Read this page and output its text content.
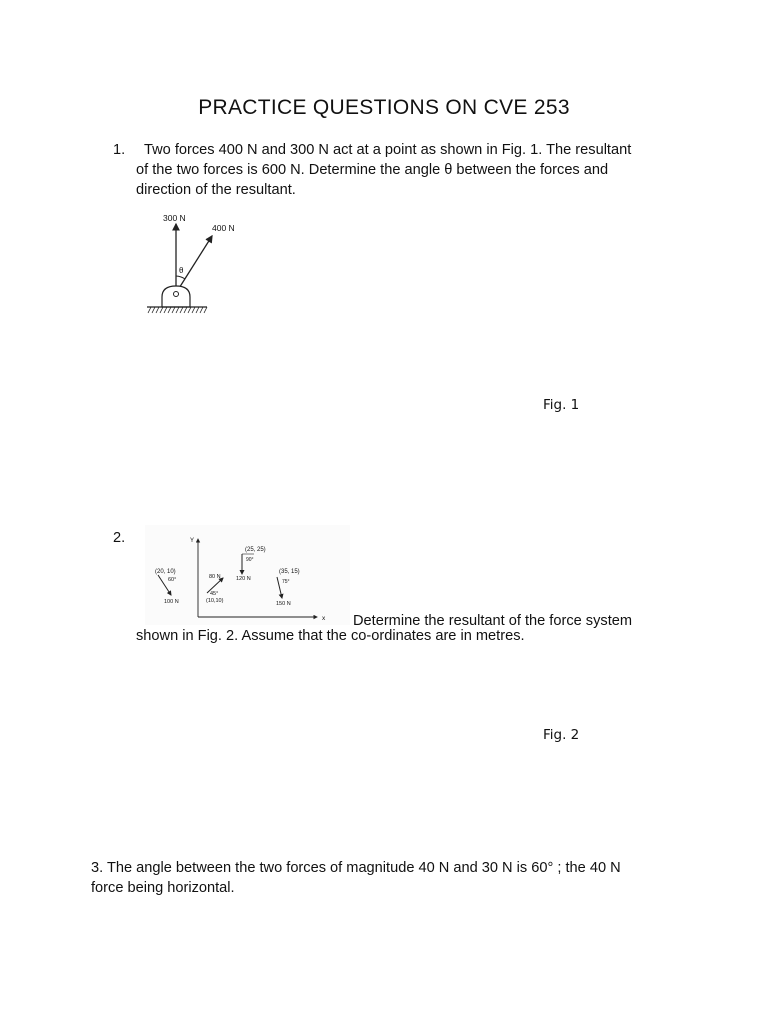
PRACTICE QUESTIONS ON CVE 253
1.	Two forces 400 N and 300 N act at a point as shown in Fig. 1. The resultant
of the two forces is 600 N. Determine the angle θ between the forces and
direction of the resultant.
300 N
400 N
θ
Fig. 1
2.	Y
x
(20, 10)
60°
100 N
80 N
45°
(10,10)
(25, 25)
90°
120 N
(35, 15)
75°
150 N
Determine the resultant of the force system
shown in Fig. 2. Assume that the co-ordinates are in metres.
Fig. 2
3. The angle between the two forces of magnitude 40 N and 30 N is 60° ; the 40 N
force being horizontal.
